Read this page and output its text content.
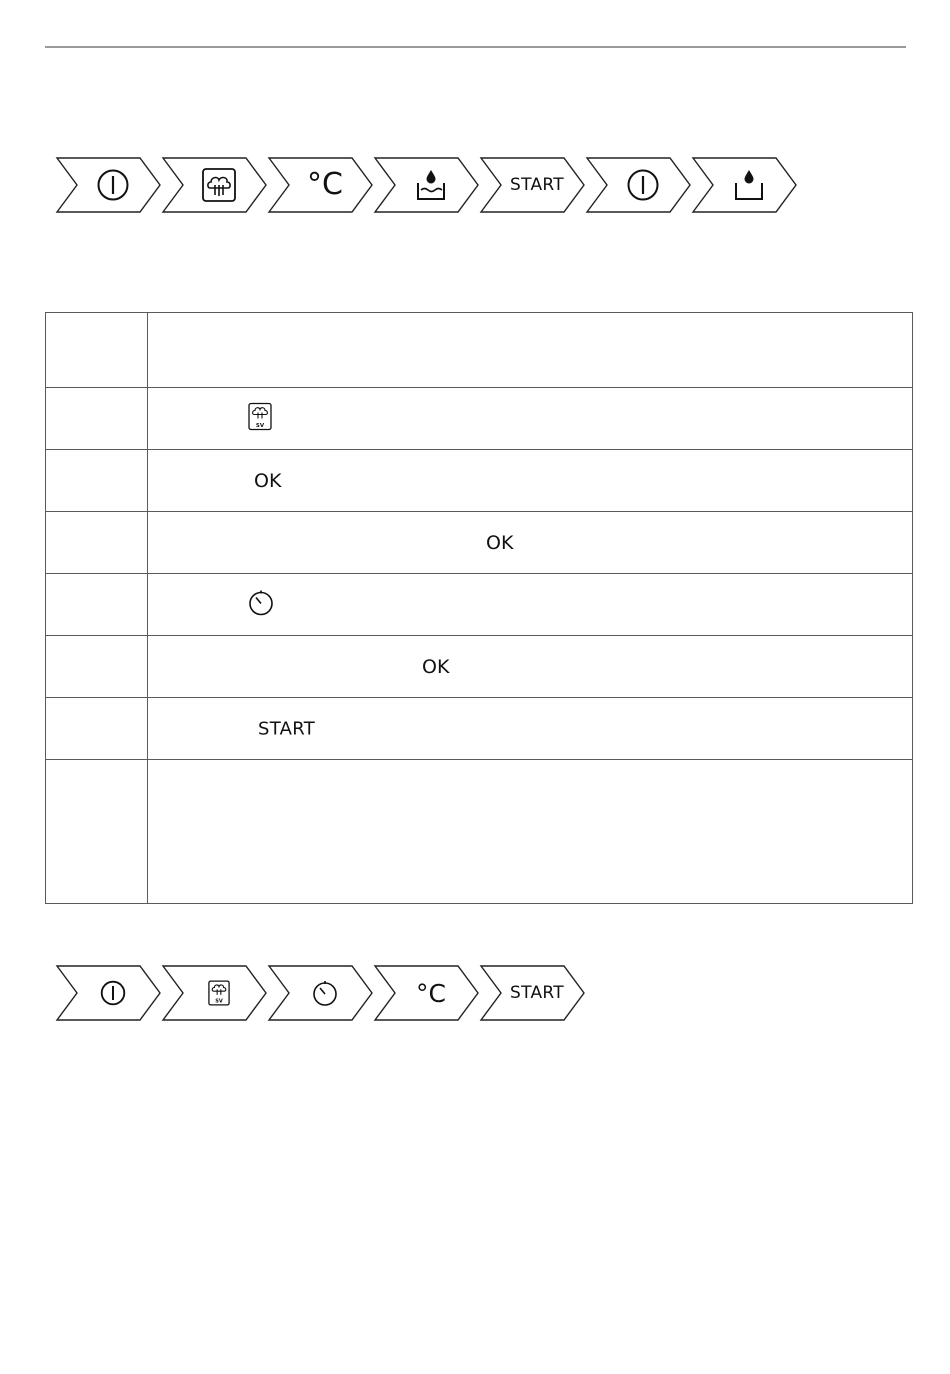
°C	START

SV

	OK

	OK

	OK

	START

SV	°C	START
